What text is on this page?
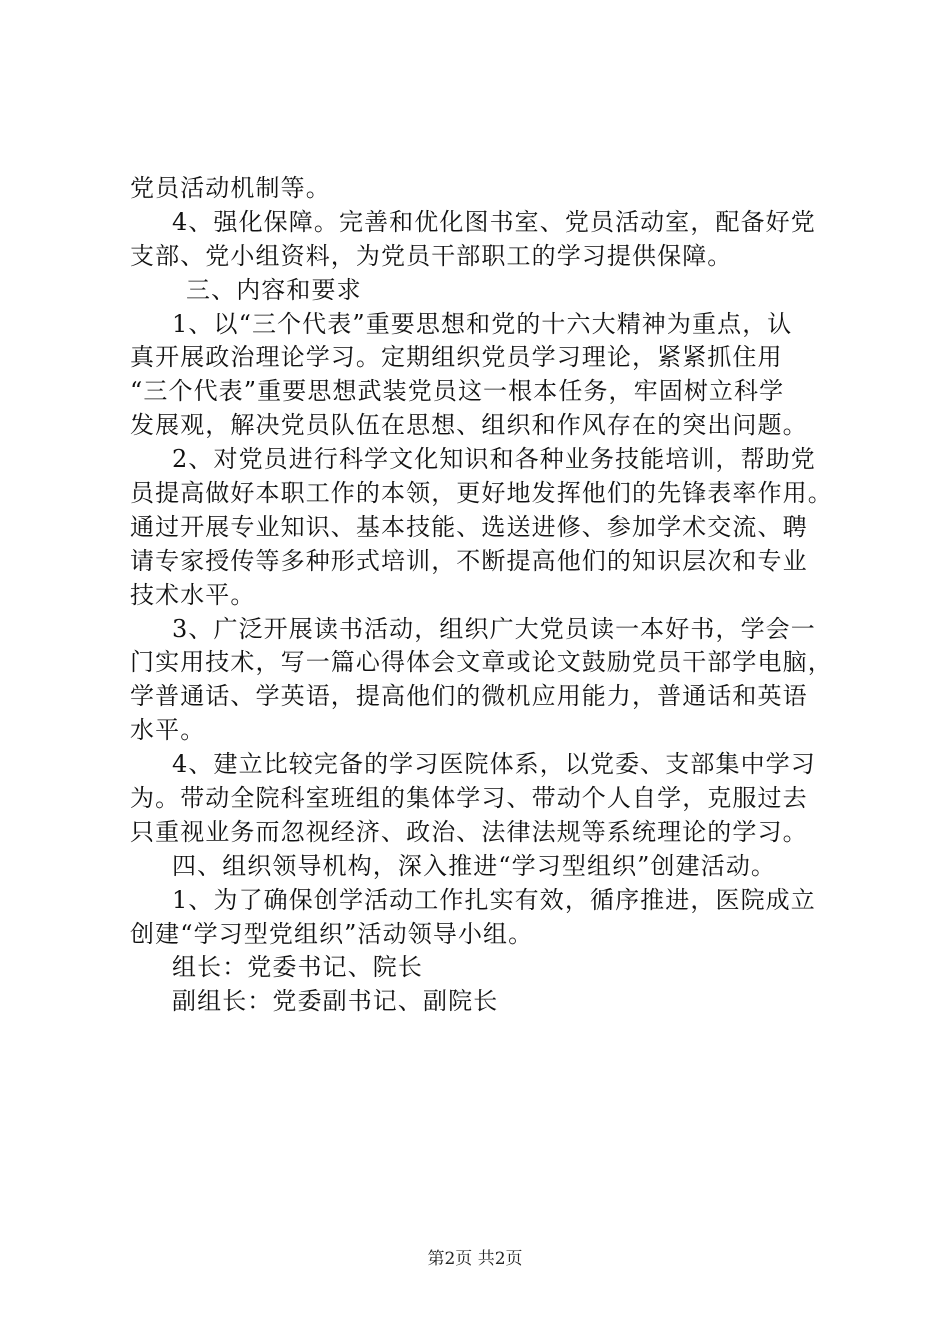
党员活动机制等。
4、强化保障。完善和优化图书室、党员活动室，配备好党
支部、党小组资料，为党员干部职工的学习提供保障。
三、内容和要求
1、以“三个代表”重要思想和党的十六大精神为重点，认
真开展政治理论学习。定期组织党员学习理论，紧紧抓住用
“三个代表”重要思想武装党员这一根本任务，牢固树立科学
发展观，解决党员队伍在思想、组织和作风存在的突出问题。
2、对党员进行科学文化知识和各种业务技能培训，帮助党
员提高做好本职工作的本领，更好地发挥他们的先锋表率作用。
通过开展专业知识、基本技能、选送进修、参加学术交流、聘
请专家授传等多种形式培训，不断提高他们的知识层次和专业
技术水平。
3、广泛开展读书活动，组织广大党员读一本好书，学会一
门实用技术，写一篇心得体会文章或论文鼓励党员干部学电脑，
学普通话、学英语，提高他们的微机应用能力，普通话和英语
水平。
4、建立比较完备的学习医院体系，以党委、支部集中学习
为。带动全院科室班组的集体学习、带动个人自学，克服过去
只重视业务而忽视经济、政治、法律法规等系统理论的学习。
四、组织领导机构，深入推进“学习型组织”创建活动。
1、为了确保创学活动工作扎实有效，循序推进，医院成立
创建“学习型党组织”活动领导小组。
组长：党委书记、院长
副组长：党委副书记、副院长
第2页 共2页
